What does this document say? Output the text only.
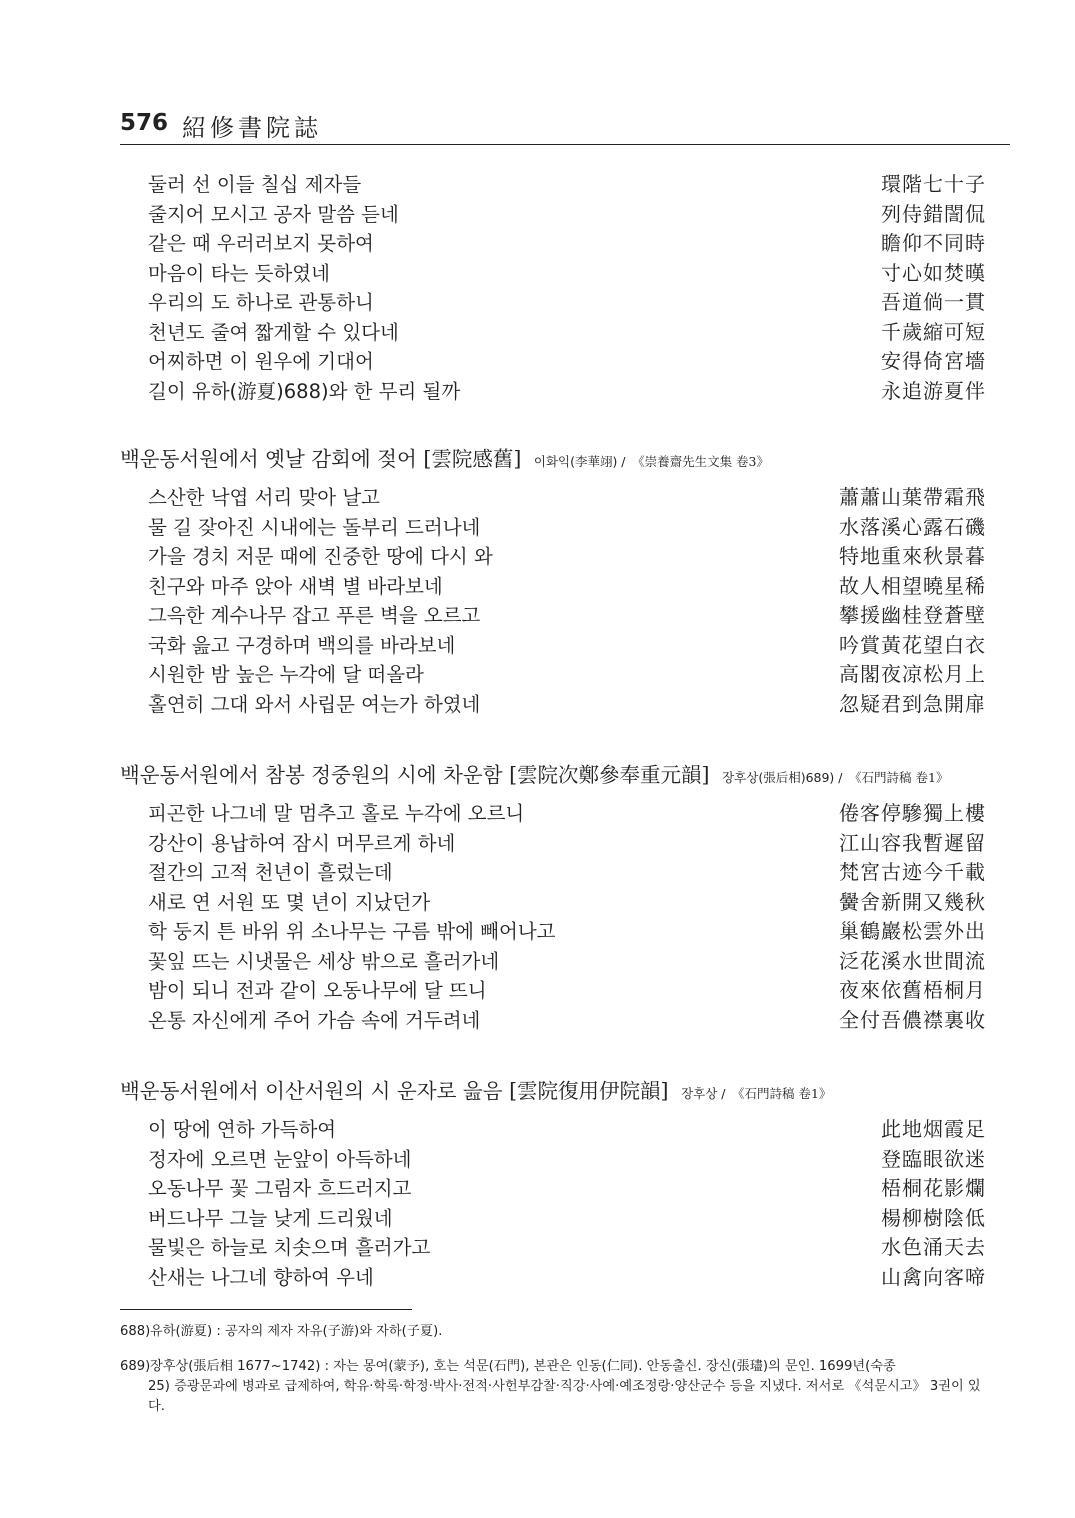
576 紹修書院誌
둘러 선 이들 칠십 제자들	環階七十子
줄지어 모시고 공자 말씀 듣네	列侍錯誾侃
같은 때 우러러보지 못하여	瞻仰不同時
마음이 타는 듯하였네	寸心如焚暵
우리의 도 하나로 관통하니	吾道倘一貫
천년도 줄여 짧게할 수 있다네	千歲縮可短
어찌하면 이 원우에 기대어	安得倚宮墻
길이 유하(游夏)688)와 한 무리 될까	永追游夏伴
백운동서원에서 옛날 감회에 젖어 [雲院感舊] 이화익(李華翊) / 《崇養齋先生文集 卷3》
스산한 낙엽 서리 맞아 날고	蕭蕭山葉帶霜飛
물 길 잦아진 시내에는 돌부리 드러나네	水落溪心露石磯
가을 경치 저문 때에 진중한 땅에 다시 와	特地重來秋景暮
친구와 마주 앉아 새벽 별 바라보네	故人相望曉星稀
그윽한 계수나무 잡고 푸른 벽을 오르고	攀援幽桂登蒼壁
국화 읊고 구경하며 백의를 바라보네	吟賞黃花望白衣
시원한 밤 높은 누각에 달 떠올라	高閣夜凉松月上
홀연히 그대 와서 사립문 여는가 하였네	忽疑君到急開扉
백운동서원에서 참봉 정중원의 시에 차운함 [雲院次鄭參奉重元韻] 장후상(張后相)689) / 《石門詩稿 卷1》
피곤한 나그네 말 멈추고 홀로 누각에 오르니	倦客停驂獨上樓
강산이 용납하여 잠시 머무르게 하네	江山容我暫遲留
절간의 고적 천년이 흘렀는데	梵宮古迹今千載
새로 연 서원 또 몇 년이 지났던가	黌舍新開又幾秋
학 둥지 튼 바위 위 소나무는 구름 밖에 빼어나고	巢鶴巖松雲外出
꽃잎 뜨는 시냇물은 세상 밖으로 흘러가네	泛花溪水世間流
밤이 되니 전과 같이 오동나무에 달 뜨니	夜來依舊梧桐月
온통 자신에게 주어 가슴 속에 거두려네	全付吾儂襟裏收
백운동서원에서 이산서원의 시 운자로 읊음 [雲院復用伊院韻] 장후상 / 《石門詩稿 卷1》
이 땅에 연하 가득하여	此地烟霞足
정자에 오르면 눈앞이 아득하네	登臨眼欲迷
오동나무 꽃 그림자 흐드러지고	梧桐花影爛
버드나무 그늘 낮게 드리웠네	楊柳樹陰低
물빛은 하늘로 치솟으며 흘러가고	水色涌天去
산새는 나그네 향하여 우네	山禽向客啼
688)유하(游夏) : 공자의 제자 자유(子游)와 자하(子夏).
689)장후상(張后相 1677~1742) : 자는 몽여(蒙予), 호는 석문(石門), 본관은 인동(仁同). 안동출신. 장신(張璶)의 문인. 1699년(숙종
25) 증광문과에 병과로 급제하여, 학유·학록·학정·박사·전적·사헌부감찰·직강·사예·예조정랑·양산군수 등을 지냈다. 저서로 《석문시고》 3권이 있다.
